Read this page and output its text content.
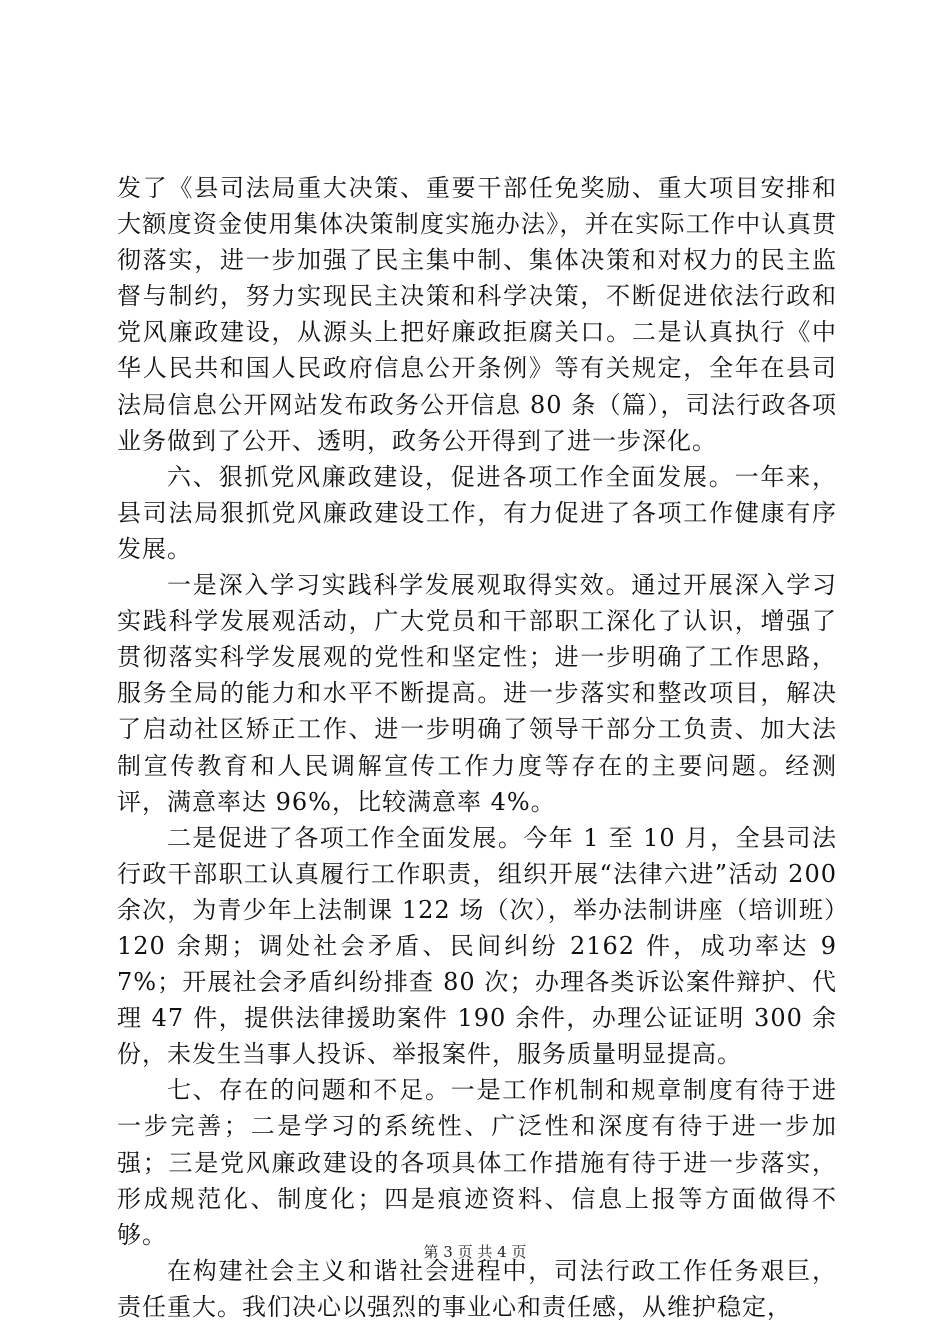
发了《县司法局重大决策、重要干部任免奖励、重大项目安排和大额度资金使用集体决策制度实施办法》，并在实际工作中认真贯彻落实，进一步加强了民主集中制、集体决策和对权力的民主监督与制约，努力实现民主决策和科学决策，不断促进依法行政和党风廉政建设，从源头上把好廉政拒腐关口。二是认真执行《中华人民共和国人民政府信息公开条例》等有关规定，全年在县司法局信息公开网站发布政务公开信息 80 条（篇），司法行政各项业务做到了公开、透明，政务公开得到了进一步深化。

六、狠抓党风廉政建设，促进各项工作全面发展。一年来，县司法局狠抓党风廉政建设工作，有力促进了各项工作健康有序发展。

一是深入学习实践科学发展观取得实效。通过开展深入学习实践科学发展观活动，广大党员和干部职工深化了认识，增强了贯彻落实科学发展观的党性和坚定性；进一步明确了工作思路，服务全局的能力和水平不断提高。进一步落实和整改项目，解决了启动社区矫正工作、进一步明确了领导干部分工负责、加大法制宣传教育和人民调解宣传工作力度等存在的主要问题。经测评，满意率达 96%，比较满意率 4%。

二是促进了各项工作全面发展。今年 1 至 10 月，全县司法行政干部职工认真履行工作职责，组织开展“法律六进”活动 200 余次，为青少年上法制课 122 场（次），举办法制讲座（培训班）120 余期；调处社会矛盾、民间纠纷 2162 件，成功率达 97%；开展社会矛盾纠纷排查 80 次；办理各类诉讼案件辩护、代理 47 件，提供法律援助案件 190 余件，办理公证证明 300 余份，未发生当事人投诉、举报案件，服务质量明显提高。

七、存在的问题和不足。一是工作机制和规章制度有待于进一步完善；二是学习的系统性、广泛性和深度有待于进一步加强；三是党风廉政建设的各项具体工作措施有待于进一步落实，形成规范化、制度化；四是痕迹资料、信息上报等方面做得不够。

在构建社会主义和谐社会进程中，司法行政工作任务艰巨，责任重大。我们决心以强烈的事业心和责任感，从维护稳定，

第 3 页 共 4 页
